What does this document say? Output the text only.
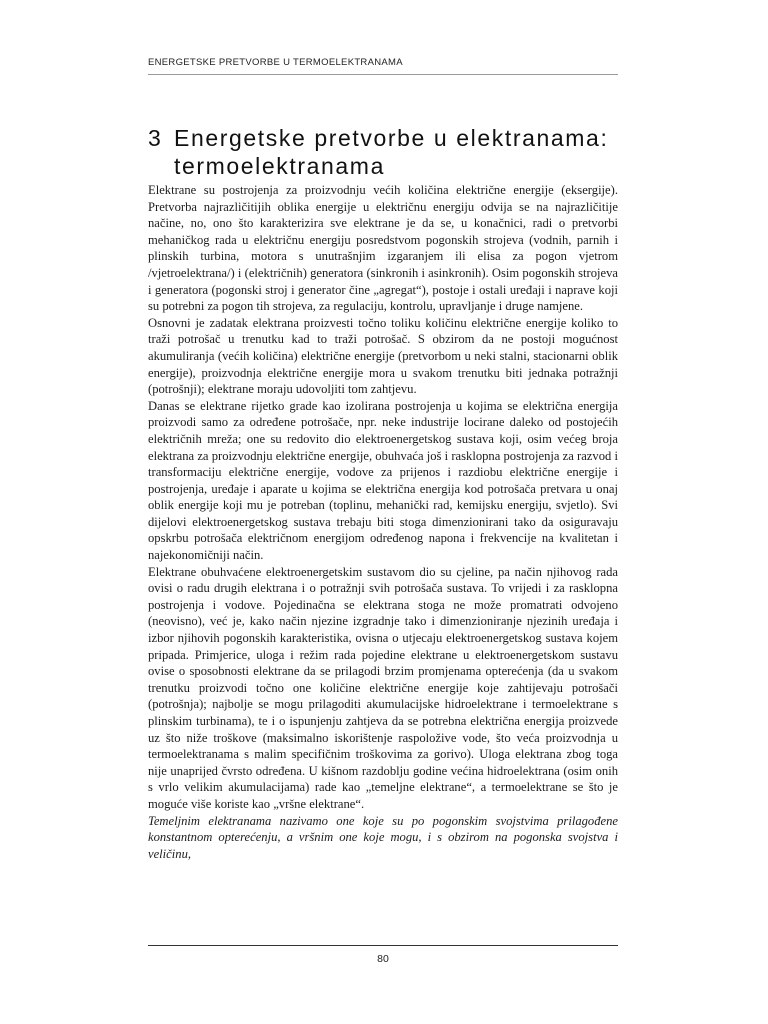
ENERGETSKE PRETVORBE U TERMOELEKTRANAMA
3 Energetske pretvorbe u elektranama:
termoelektranama

Elektrane su postrojenja za proizvodnju većih količina električne energije (eksergije). Pretvorba najrazličitijih oblika energije u električnu energiju odvija se na najrazličitije načine, no, ono što karakterizira sve elektrane je da se, u konačnici, radi o pretvorbi mehaničkog rada u električnu energiju posredstvom pogonskih strojeva (vodnih, parnih i plinskih turbina, motora s unutrašnjim izgaranjem ili elisa za pogon vjetrom /vjetroelektrana/) i (električnih) generatora (sinkronih i asinkronih). Osim pogonskih strojeva i generatora (pogonski stroj i generator čine „agregat“), postoje i ostali uređaji i naprave koji su potrebni za pogon tih strojeva, za regulaciju, kontrolu, upravljanje i druge namjene.

Osnovni je zadatak elektrana proizvesti točno toliku količinu električne energije koliko to traži potrošač u trenutku kad to traži potrošač. S obzirom da ne postoji mogućnost akumuliranja (većih količina) električne energije (pretvorbom u neki stalni, stacionarni oblik energije), proizvodnja električne energije mora u svakom trenutku biti jednaka potražnji (potrošnji); elektrane moraju udovoljiti tom zahtjevu.

Danas se elektrane rijetko grade kao izolirana postrojenja u kojima se električna energija proizvodi samo za određene potrošače, npr. neke industrije locirane daleko od postojećih električnih mreža; one su redovito dio elektroenergetskog sustava koji, osim većeg broja elektrana za proizvodnju električne energije, obuhvaća još i rasklopna postrojenja za razvod i transformaciju električne energije, vodove za prijenos i razdiobu električne energije i postrojenja, uređaje i aparate u kojima se električna energija kod potrošača pretvara u onaj oblik energije koji mu je potreban (toplinu, mehanički rad, kemijsku energiju, svjetlo). Svi dijelovi elektroenergetskog sustava trebaju biti stoga dimenzionirani tako da osiguravaju opskrbu potrošača električnom energijom određenog napona i frekvencije na kvalitetan i najekonomičniji način.

Elektrane obuhvaćene elektroenergetskim sustavom dio su cjeline, pa način njihovog rada ovisi o radu drugih elektrana i o potražnji svih potrošača sustava. To vrijedi i za rasklopna postrojenja i vodove. Pojedinačna se elektrana stoga ne može promatrati odvojeno (neovisno), već je, kako način njezine izgradnje tako i dimenzioniranje njezinih uređaja i izbor njihovih pogonskih karakteristika, ovisna o utjecaju elektroenergetskog sustava kojem pripada. Primjerice, uloga i režim rada pojedine elektrane u elektroenergetskom sustavu ovise o sposobnosti elektrane da se prilagodi brzim promjenama opterećenja (da u svakom trenutku proizvodi točno one količine električne energije koje zahtijevaju potrošači (potrošnja); najbolje se mogu prilagoditi akumulacijske hidroelektrane i termoelektrane s plinskim turbinama), te i o ispunjenju zahtjeva da se potrebna električna energija proizvede uz što niže troškove (maksimalno iskorištenje raspoložive vode, što veća proizvodnja u termoelektranama s malim specifičnim troškovima za gorivo). Uloga elektrana zbog toga nije unaprijed čvrsto određena. U kišnom razdoblju godine većina hidroelektrana (osim onih s vrlo velikim akumulacijama) rade kao „temeljne elektrane“, a termoelektrane se što je moguće više koriste kao „vršne elektrane“.

Temeljnim elektranama nazivamo one koje su po pogonskim svojstvima prilagođene konstantnom opterećenju, a vršnim one koje mogu, i s obzirom na pogonska svojstva i veličinu,

80
